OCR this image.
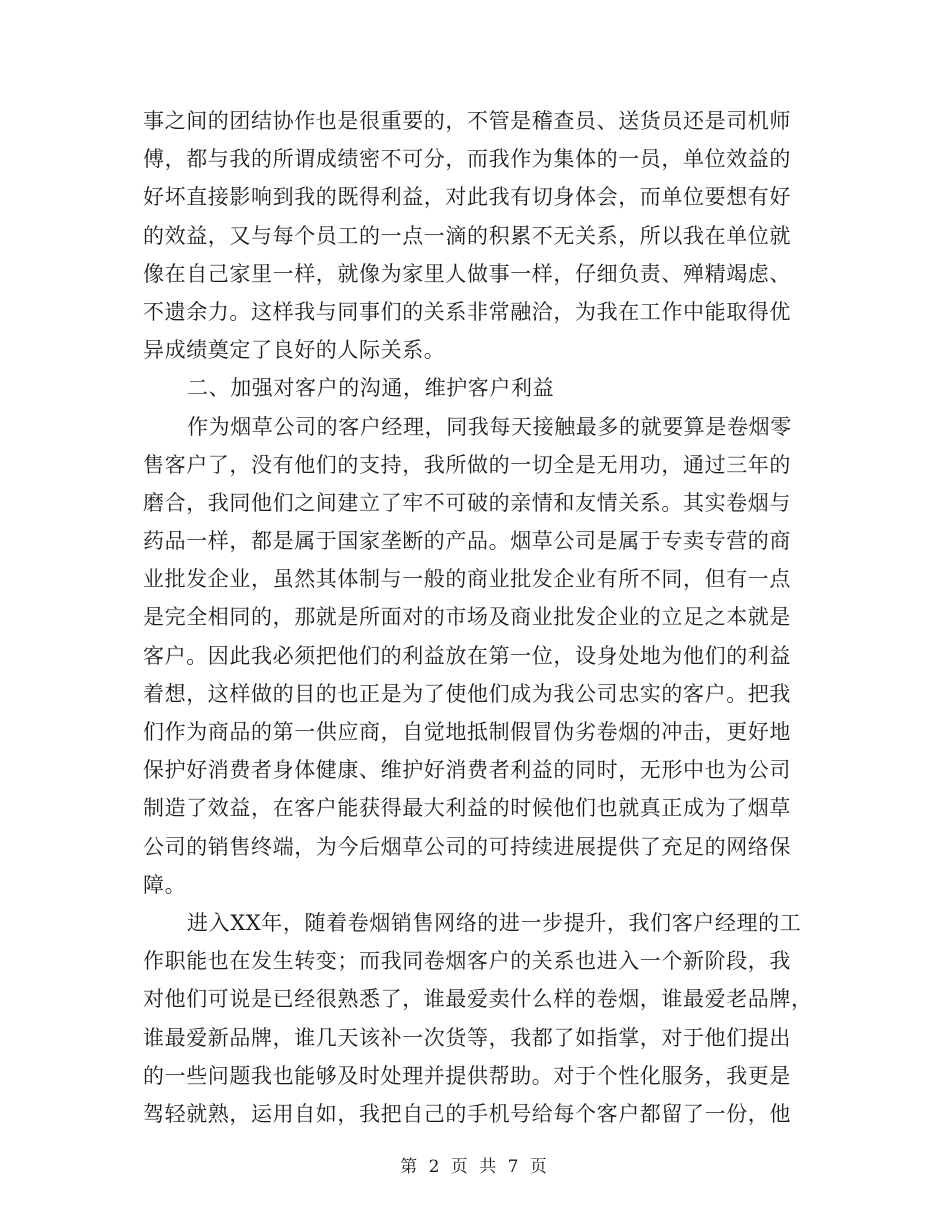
事之间的团结协作也是很重要的，不管是稽查员、送货员还是司机师
傅，都与我的所谓成绩密不可分，而我作为集体的一员，单位效益的
好坏直接影响到我的既得利益，对此我有切身体会，而单位要想有好
的效益，又与每个员工的一点一滴的积累不无关系，所以我在单位就
像在自己家里一样，就像为家里人做事一样，仔细负责、殚精竭虑、
不遗余力。这样我与同事们的关系非常融洽，为我在工作中能取得优
异成绩奠定了良好的人际关系。
二、加强对客户的沟通，维护客户利益
作为烟草公司的客户经理，同我每天接触最多的就要算是卷烟零
售客户了，没有他们的支持，我所做的一切全是无用功，通过三年的
磨合，我同他们之间建立了牢不可破的亲情和友情关系。其实卷烟与
药品一样，都是属于国家垄断的产品。烟草公司是属于专卖专营的商
业批发企业，虽然其体制与一般的商业批发企业有所不同，但有一点
是完全相同的，那就是所面对的市场及商业批发企业的立足之本就是
客户。因此我必须把他们的利益放在第一位，设身处地为他们的利益
着想，这样做的目的也正是为了使他们成为我公司忠实的客户。把我
们作为商品的第一供应商，自觉地抵制假冒伪劣卷烟的冲击，更好地
保护好消费者身体健康、维护好消费者利益的同时，无形中也为公司
制造了效益，在客户能获得最大利益的时候他们也就真正成为了烟草
公司的销售终端，为今后烟草公司的可持续进展提供了充足的网络保
障。
进入XX年，随着卷烟销售网络的进一步提升，我们客户经理的工
作职能也在发生转变；而我同卷烟客户的关系也进入一个新阶段，我
对他们可说是已经很熟悉了，谁最爱卖什么样的卷烟，谁最爱老品牌，
谁最爱新品牌，谁几天该补一次货等，我都了如指掌，对于他们提出
的一些问题我也能够及时处理并提供帮助。对于个性化服务，我更是
驾轻就熟，运用自如，我把自己的手机号给每个客户都留了一份，他
第 2 页 共 7 页
